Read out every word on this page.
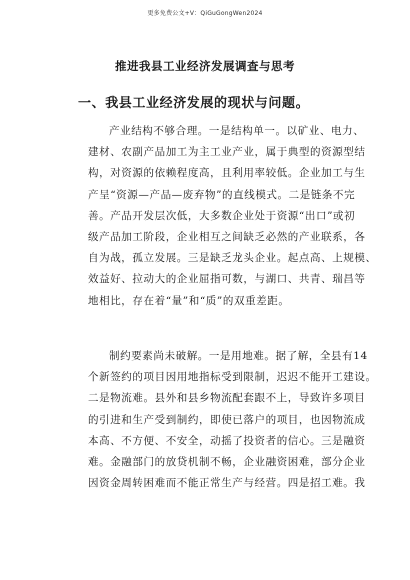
更多免费公文+V：QiGuGongWen2024
推进我县工业经济发展调查与思考
一、我县工业经济发展的现状与问题。
产业结构不够合理。一是结构单一。以矿业、电力、
建材、农副产品加工为主工业产业，属于典型的资源型结
构，对资源的依赖程度高，且利用率较低。企业加工与生
产呈“资源—产品—废弃物”的直线模式。二是链条不完
善。产品开发层次低，大多数企业处于资源“出口”或初
级产品加工阶段，企业相互之间缺乏必然的产业联系，各
自为战，孤立发展。三是缺乏龙头企业。起点高、上规模、
效益好、拉动大的企业屈指可数，与湖口、共青、瑞昌等
地相比，存在着“量”和“质”的双重差距。
制约要素尚未破解。一是用地难。据了解，全县有14
个新签约的项目因用地指标受到限制，迟迟不能开工建设。
二是物流难。县外和县乡物流配套跟不上，导致许多项目
的引进和生产受到制约，即使已落户的项目，也因物流成
本高、不方便、不安全，动摇了投资者的信心。三是融资
难。金融部门的放贷机制不畅，企业融资困难，部分企业
因资金周转困难而不能正常生产与经营。四是招工难。我
